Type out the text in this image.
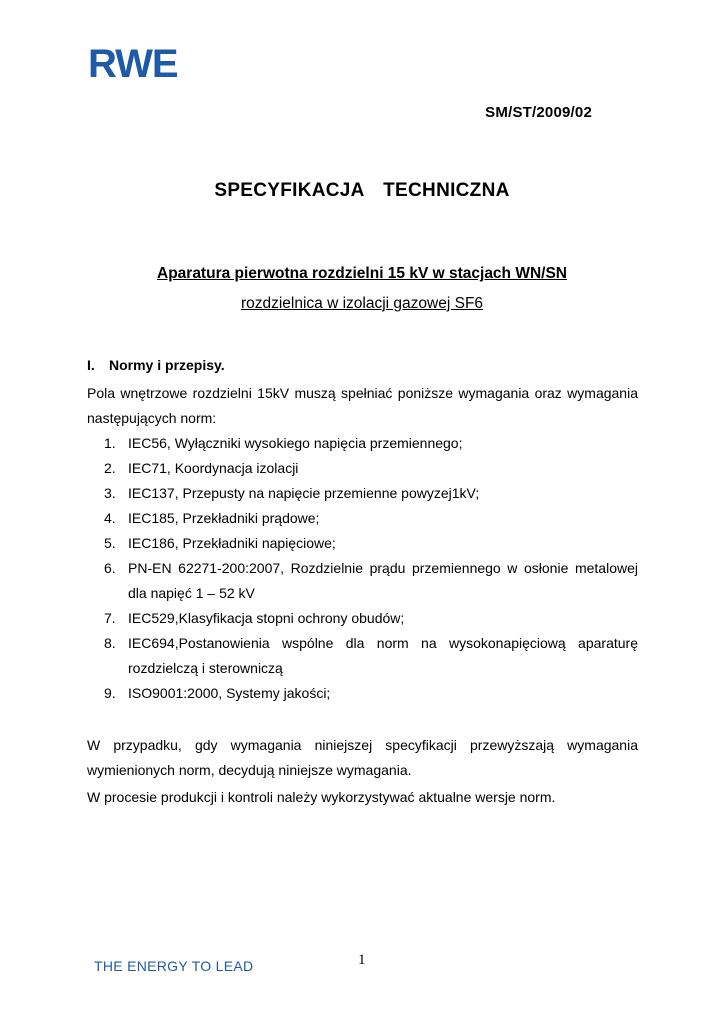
RWE
SM/ST/2009/02
SPECYFIKACJA  TECHNICZNA
Aparatura pierwotna rozdzielni 15 kV w stacjach WN/SN
rozdzielnica w izolacji gazowej SF6
I. Normy i przepisy.
Pola wnętrzowe rozdzielni 15kV muszą spełniać poniższe wymagania oraz wymagania następujących norm:
1. IEC56, Wyłączniki wysokiego napięcia przemiennego;
2. IEC71, Koordynacja izolacji
3. IEC137, Przepusty na napięcie przemienne powyzej1kV;
4. IEC185, Przekładniki prądowe;
5. IEC186, Przekładniki napięciowe;
6. PN-EN 62271-200:2007, Rozdzielnie prądu przemiennego w osłonie metalowej dla napięć 1 – 52 kV
7. IEC529,Klasyfikacja stopni ochrony obudów;
8. IEC694,Postanowienia wspólne dla norm na wysokonapięciową aparaturę rozdzielczą i sterowniczą
9. ISO9001:2000, Systemy jakości;
W przypadku, gdy wymagania niniejszej specyfikacji przewyższają wymagania wymienionych norm, decydują niniejsze wymagania.
W procesie produkcji i kontroli należy wykorzystywać aktualne wersje norm.
1
THE ENERGY TO LEAD
